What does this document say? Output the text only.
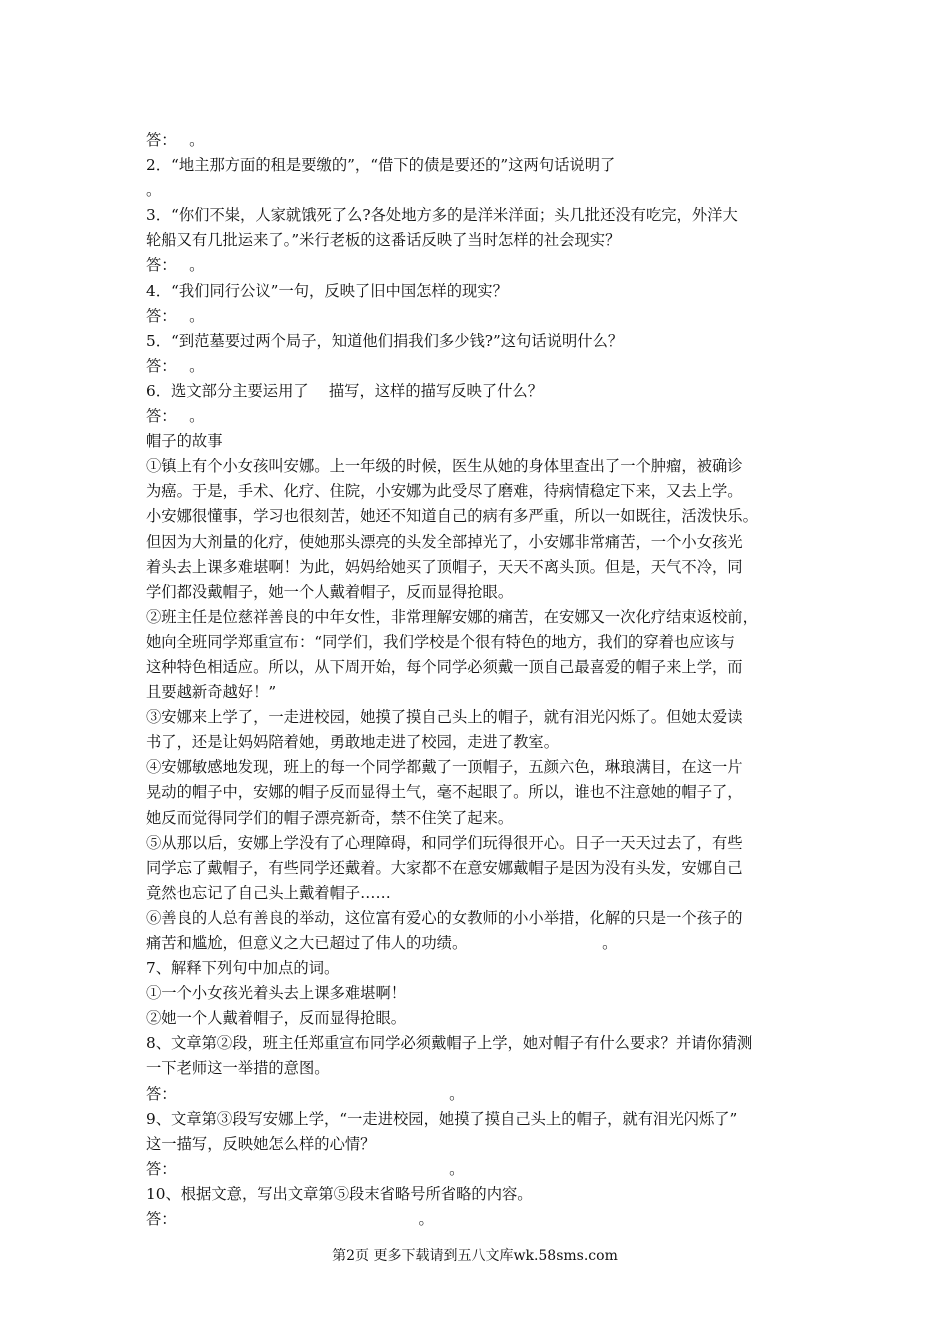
答：　 。
2．“地主那方面的租是要缴的”，“借下的债是要还的”这两句话说明了
。
3．“你们不粜，人家就饿死了么?各处地方多的是洋米洋面；头几批还没有吃完，外洋大
轮船又有几批运来了。”米行老板的这番话反映了当时怎样的社会现实？
答：　 。
4．“我们同行公议”一句，反映了旧中国怎样的现实？
答：　 。
5．“到范墓要过两个局子，知道他们捐我们多少钱?”这句话说明什么？
答：　 。
6．选文部分主要运用了　 描写，这样的描写反映了什么？
答：　 。
帽子的故事
①镇上有个小女孩叫安娜。上一年级的时候，医生从她的身体里查出了一个肿瘤，被确诊
为癌。于是，手术、化疗、住院，小安娜为此受尽了磨难，待病情稳定下来，又去上学。
小安娜很懂事，学习也很刻苦，她还不知道自己的病有多严重，所以一如既往，活泼快乐。
但因为大剂量的化疗，使她那头漂亮的头发全部掉光了，小安娜非常痛苦，一个小女孩光
着头去上课多难堪啊！为此，妈妈给她买了顶帽子，天天不离头顶。但是，天气不冷，同
学们都没戴帽子，她一个人戴着帽子，反而显得抢眼。
②班主任是位慈祥善良的中年女性，非常理解安娜的痛苦，在安娜又一次化疗结束返校前，
她向全班同学郑重宣布：“同学们，我们学校是个很有特色的地方，我们的穿着也应该与
这种特色相适应。所以，从下周开始，每个同学必须戴一顶自己最喜爱的帽子来上学，而
且要越新奇越好！”
③安娜来上学了，一走进校园，她摸了摸自己头上的帽子，就有泪光闪烁了。但她太爱读
书了，还是让妈妈陪着她，勇敢地走进了校园，走进了教室。
④安娜敏感地发现，班上的每一个同学都戴了一顶帽子，五颜六色，琳琅满目，在这一片
晃动的帽子中，安娜的帽子反而显得土气，毫不起眼了。所以，谁也不注意她的帽子了，
她反而觉得同学们的帽子漂亮新奇，禁不住笑了起来。
⑤从那以后，安娜上学没有了心理障碍，和同学们玩得很开心。日子一天天过去了，有些
同学忘了戴帽子，有些同学还戴着。大家都不在意安娜戴帽子是因为没有头发，安娜自己
竟然也忘记了自己头上戴着帽子……
⑥善良的人总有善良的举动，这位富有爱心的女教师的小小举措，化解的只是一个孩子的
痛苦和尴尬，但意义之大已超过了伟人的功绩。　　　　　　　　　 。
7、解释下列句中加点的词。
①一个小女孩光着头去上课多难堪啊！
②她一个人戴着帽子，反而显得抢眼。
8、文章第②段，班主任郑重宣布同学必须戴帽子上学，她对帽子有什么要求？并请你猜测
一下老师这一举措的意图。
答：　　　　　　　　　　　　　　　　　　 。
9、文章第③段写安娜上学，“一走进校园，她摸了摸自己头上的帽子，就有泪光闪烁了”
这一描写，反映她怎么样的心情？
答：　　　　　　　　　　　　　　　　　　 。
10、根据文意，写出文章第⑤段末省略号所省略的内容。
答：　　　　　　　　　　　　　　　　 。
第2页 更多下载请到五八文库wk.58sms.com
